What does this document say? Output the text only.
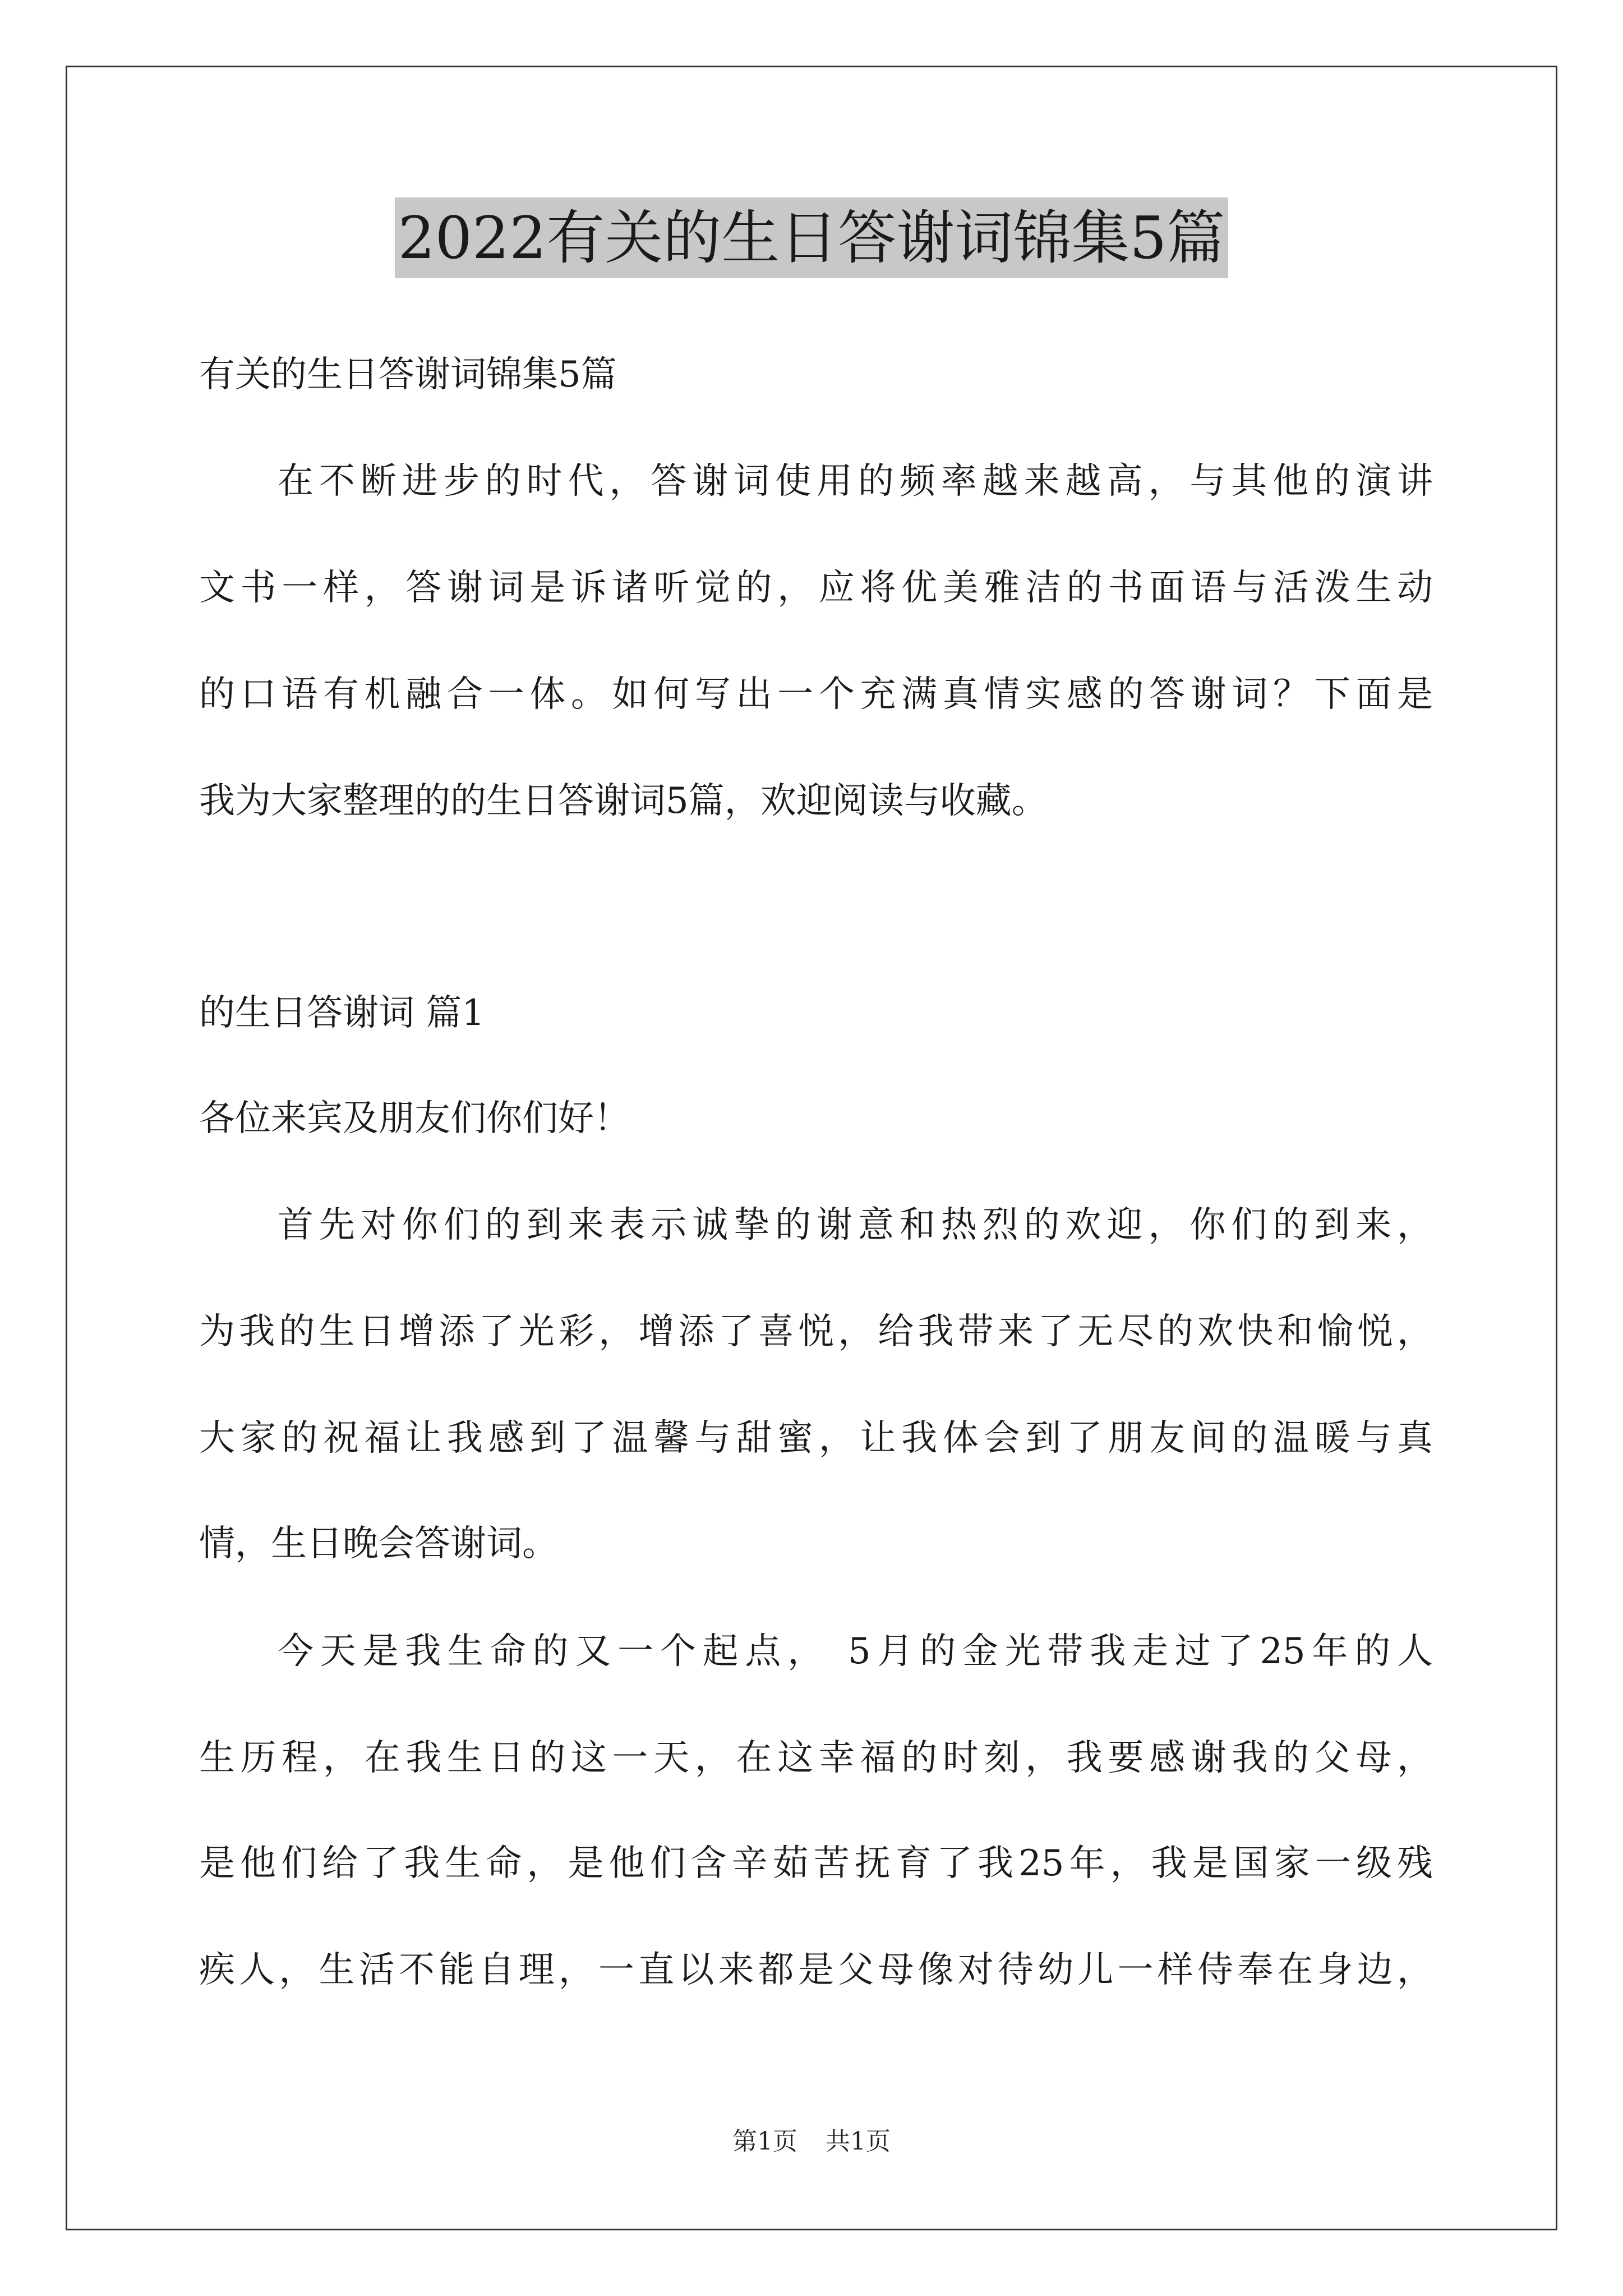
2022有关的生日答谢词锦集5篇
有关的生日答谢词锦集5篇
在不断进步的时代，答谢词使用的频率越来越高，与其他的演讲
文书一样，答谢词是诉诸听觉的，应将优美雅洁的书面语与活泼生动
的口语有机融合一体。如何写出一个充满真情实感的答谢词？下面是
我为大家整理的的生日答谢词5篇，欢迎阅读与收藏。
的生日答谢词 篇1
各位来宾及朋友们你们好！
首先对你们的到来表示诚挚的谢意和热烈的欢迎，你们的到来，
为我的生日增添了光彩，增添了喜悦，给我带来了无尽的欢快和愉悦，
大家的祝福让我感到了温馨与甜蜜，让我体会到了朋友间的温暖与真
情，生日晚会答谢词。
今天是我生命的又一个起点， 5月的金光带我走过了25年的人
生历程，在我生日的这一天，在这幸福的时刻，我要感谢我的父母，
是他们给了我生命，是他们含辛茹苦抚育了我25年，我是国家一级残
疾人，生活不能自理，一直以来都是父母像对待幼儿一样侍奉在身边，
第1页 共1页
